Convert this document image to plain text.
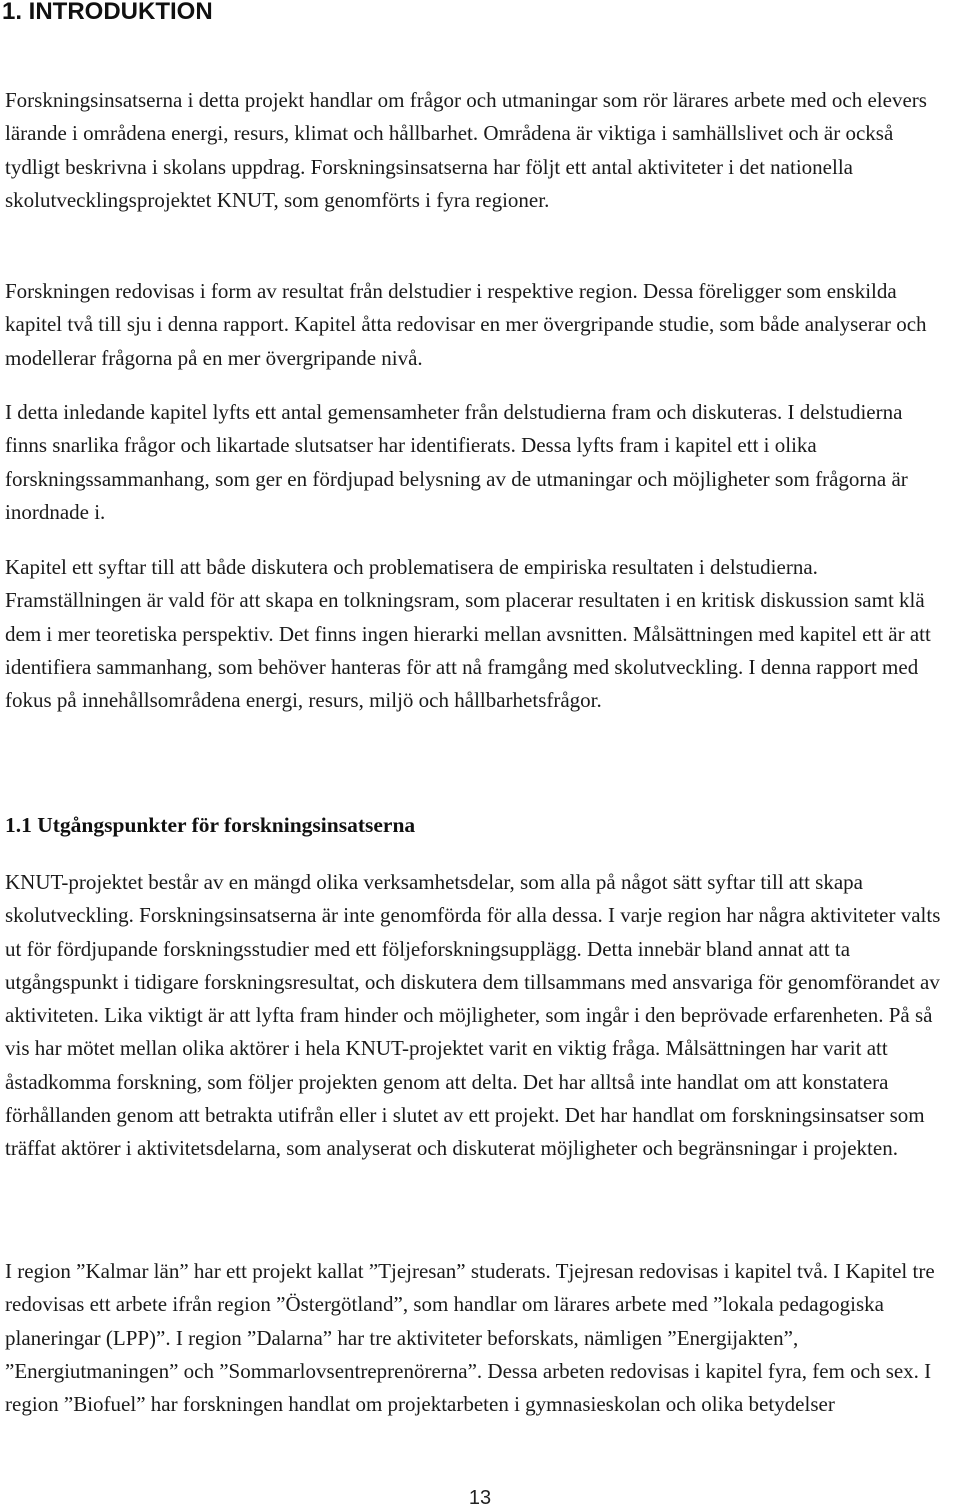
1. INTRODUKTION

Forskningsinsatserna i detta projekt handlar om frågor och utmaningar som rör lärares arbete med och elevers lärande i områdena energi, resurs, klimat och hållbarhet. Områdena är viktiga i samhällslivet och är också tydligt beskrivna i skolans uppdrag. Forskningsinsatserna har följt ett antal aktiviteter i det nationella skolutvecklingsprojektet KNUT, som genomförts i fyra regioner.

Forskningen redovisas i form av resultat från delstudier i respektive region. Dessa föreligger som enskilda kapitel två till sju i denna rapport. Kapitel åtta redovisar en mer övergripande studie, som både analyserar och modellerar frågorna på en mer övergripande nivå.

I detta inledande kapitel lyfts ett antal gemensamheter från delstudierna fram och diskuteras. I delstudierna finns snarlika frågor och likartade slutsatser har identifierats. Dessa lyfts fram i kapitel ett i olika forskningssammanhang, som ger en fördjupad belysning av de utmaningar och möjligheter som frågorna är inordnade i.

Kapitel ett syftar till att både diskutera och problematisera de empiriska resultaten i delstudierna. Framställningen är vald för att skapa en tolkningsram, som placerar resultaten i en kritisk diskussion samt klä dem i mer teoretiska perspektiv. Det finns ingen hierarki mellan avsnitten. Målsättningen med kapitel ett är att identifiera sammanhang, som behöver hanteras för att nå framgång med skolutveckling. I denna rapport med fokus på innehållsområdena energi, resurs, miljö och hållbarhetsfrågor.

1.1 Utgångspunkter för forskningsinsatserna

KNUT-projektet består av en mängd olika verksamhetsdelar, som alla på något sätt syftar till att skapa skolutveckling. Forskningsinsatserna är inte genomförda för alla dessa. I varje region har några aktiviteter valts ut för fördjupande forskningsstudier med ett följeforskningsupplägg. Detta innebär bland annat att ta utgångspunkt i tidigare forskningsresultat, och diskutera dem tillsammans med ansvariga för genomförandet av aktiviteten. Lika viktigt är att lyfta fram hinder och möjligheter, som ingår i den beprövade erfarenheten. På så vis har mötet mellan olika aktörer i hela KNUT-projektet varit en viktig fråga. Målsättningen har varit att åstadkomma forskning, som följer projekten genom att delta. Det har alltså inte handlat om att konstatera förhållanden genom att betrakta utifrån eller i slutet av ett projekt. Det har handlat om forskningsinsatser som träffat aktörer i aktivitetsdelarna, som analyserat och diskuterat möjligheter och begränsningar i projekten.

I region ”Kalmar län” har ett projekt kallat ”Tjejresan” studerats. Tjejresan redovisas i kapitel två. I Kapitel tre redovisas ett arbete ifrån region ”Östergötland”, som handlar om lärares arbete med ”lokala pedagogiska planeringar (LPP)”. I region ”Dalarna” har tre aktiviteter beforskats, nämligen ”Energijakten”, ”Energiutmaningen” och ”Sommarlovsentreprenörerna”. Dessa arbeten redovisas i kapitel fyra, fem och sex. I region ”Biofuel” har forskningen handlat om projektarbeten i gymnasieskolan och olika betydelser

13
